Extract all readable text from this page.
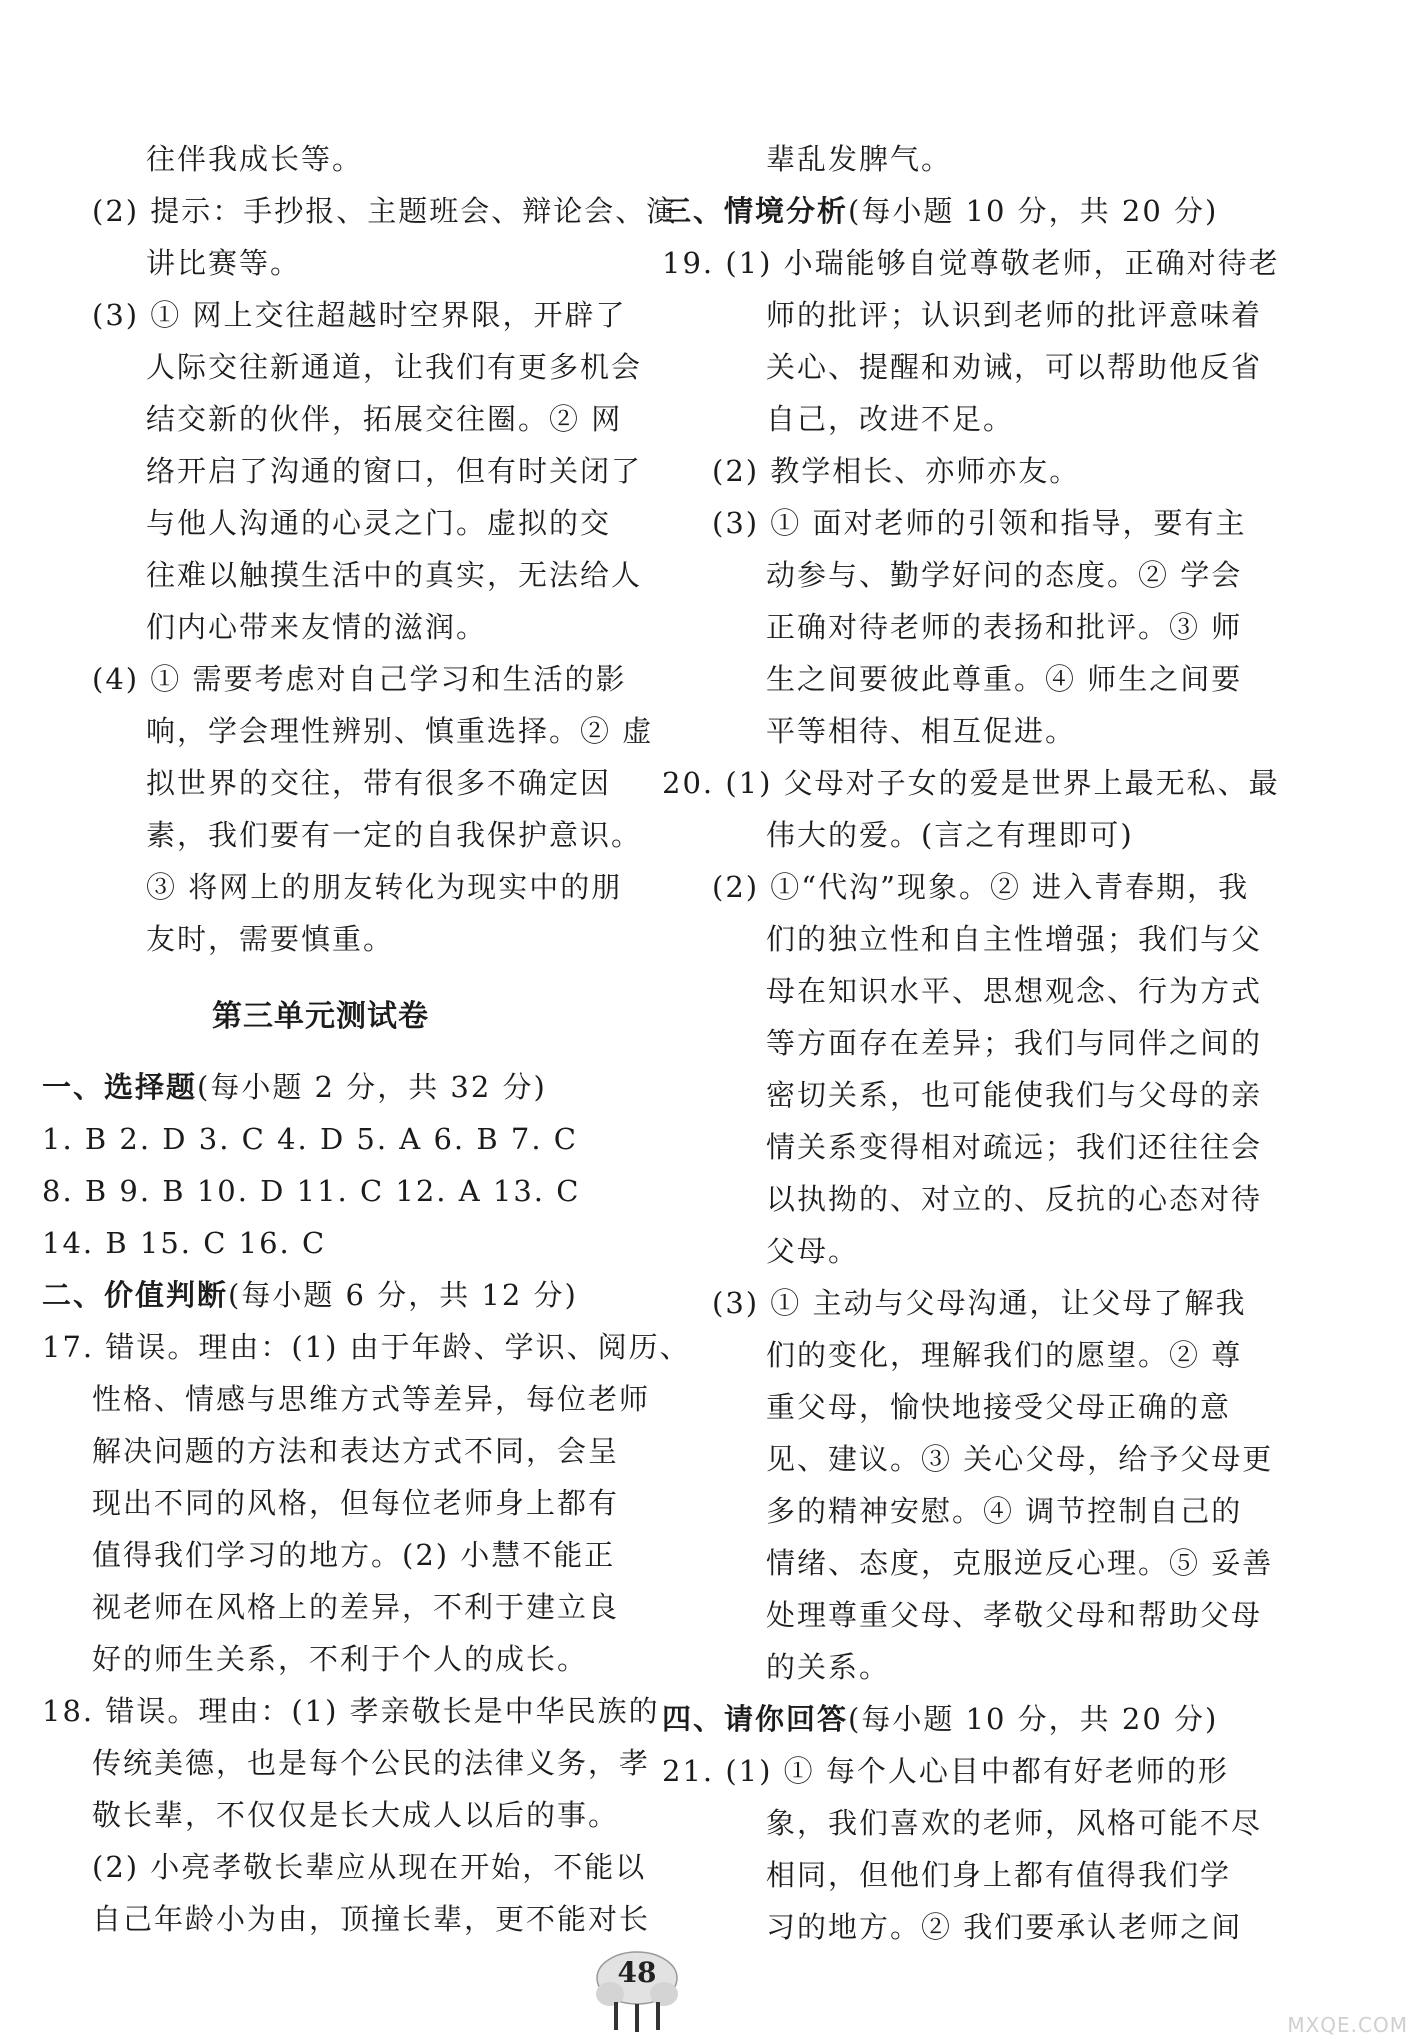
往伴我成长等。
(2) 提示：手抄报、主题班会、辩论会、演
讲比赛等。
(3) ① 网上交往超越时空界限，开辟了
人际交往新通道，让我们有更多机会
结交新的伙伴，拓展交往圈。② 网
络开启了沟通的窗口，但有时关闭了
与他人沟通的心灵之门。虚拟的交
往难以触摸生活中的真实，无法给人
们内心带来友情的滋润。
(4) ① 需要考虑对自己学习和生活的影
响，学会理性辨别、慎重选择。② 虚
拟世界的交往，带有很多不确定因
素，我们要有一定的自我保护意识。
③ 将网上的朋友转化为现实中的朋
友时，需要慎重。
第三单元测试卷
一、选择题(每小题 2 分，共 32 分)
1. B 2. D 3. C 4. D 5. A 6. B 7. C
8. B 9. B 10. D 11. C 12. A 13. C
14. B 15. C 16. C
二、价值判断(每小题 6 分，共 12 分)
17. 错误。理由：(1) 由于年龄、学识、阅历、
性格、情感与思维方式等差异，每位老师
解决问题的方法和表达方式不同，会呈
现出不同的风格，但每位老师身上都有
值得我们学习的地方。(2) 小慧不能正
视老师在风格上的差异，不利于建立良
好的师生关系，不利于个人的成长。
18. 错误。理由：(1) 孝亲敬长是中华民族的
传统美德，也是每个公民的法律义务，孝
敬长辈，不仅仅是长大成人以后的事。
(2) 小亮孝敬长辈应从现在开始，不能以
自己年龄小为由，顶撞长辈，更不能对长
辈乱发脾气。
三、情境分析(每小题 10 分，共 20 分)
19. (1) 小瑞能够自觉尊敬老师，正确对待老
师的批评；认识到老师的批评意味着
关心、提醒和劝诫，可以帮助他反省
自己，改进不足。
(2) 教学相长、亦师亦友。
(3) ① 面对老师的引领和指导，要有主
动参与、勤学好问的态度。② 学会
正确对待老师的表扬和批评。③ 师
生之间要彼此尊重。④ 师生之间要
平等相待、相互促进。
20. (1) 父母对子女的爱是世界上最无私、最
伟大的爱。(言之有理即可)
(2) ①“代沟”现象。② 进入青春期，我
们的独立性和自主性增强；我们与父
母在知识水平、思想观念、行为方式
等方面存在差异；我们与同伴之间的
密切关系，也可能使我们与父母的亲
情关系变得相对疏远；我们还往往会
以执拗的、对立的、反抗的心态对待
父母。
(3) ① 主动与父母沟通，让父母了解我
们的变化，理解我们的愿望。② 尊
重父母，愉快地接受父母正确的意
见、建议。③ 关心父母，给予父母更
多的精神安慰。④ 调节控制自己的
情绪、态度，克服逆反心理。⑤ 妥善
处理尊重父母、孝敬父母和帮助父母
的关系。
四、请你回答(每小题 10 分，共 20 分)
21. (1) ① 每个人心目中都有好老师的形
象，我们喜欢的老师，风格可能不尽
相同，但他们身上都有值得我们学
习的地方。② 我们要承认老师之间
48
MXQE.COM
